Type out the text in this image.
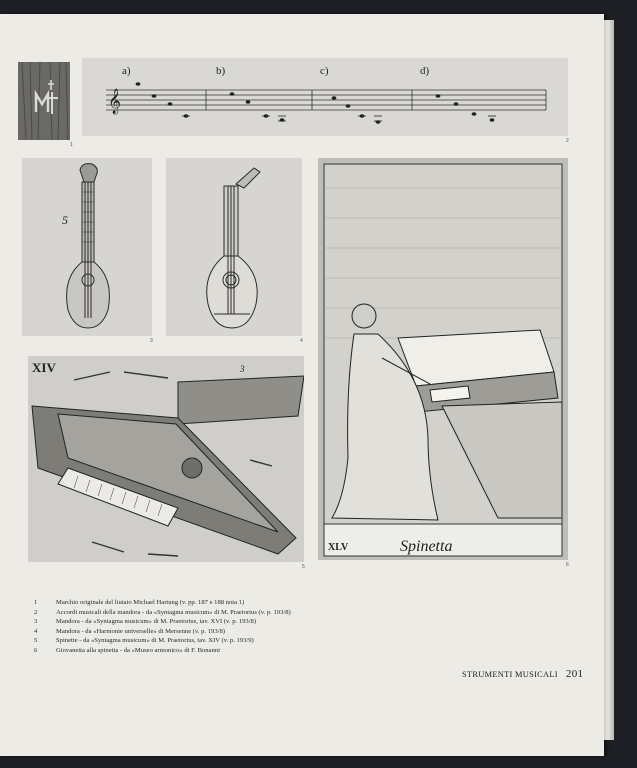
𝄞
a)	b)	c)	d)
5
XIV	3
XLV	Spinetta
1
2
3	4
5	6
1	Marchio originale del liutaio Michael Hartung (v. pp. 187 e 188 nota 1)
2	Accordi musicali della mandora - da «Syntagma musicum» di M. Praetorius (v. p. 193/8)
3	Mandora - da «Syntagma musicum» di M. Praetorius, tav. XVI (v. p. 193/8)
4	Mandora - da «Harmonie universelle» di Mersenne (v. p. 193/8)
5	Spinette - da «Syntagma musicum» di M. Praetorius, tav. XIV (v. p. 193/9)
6	Giovanetta alla spinetta - da «Museo armonico» di F. Bonanni
STRUMENTI MUSICALI 201
